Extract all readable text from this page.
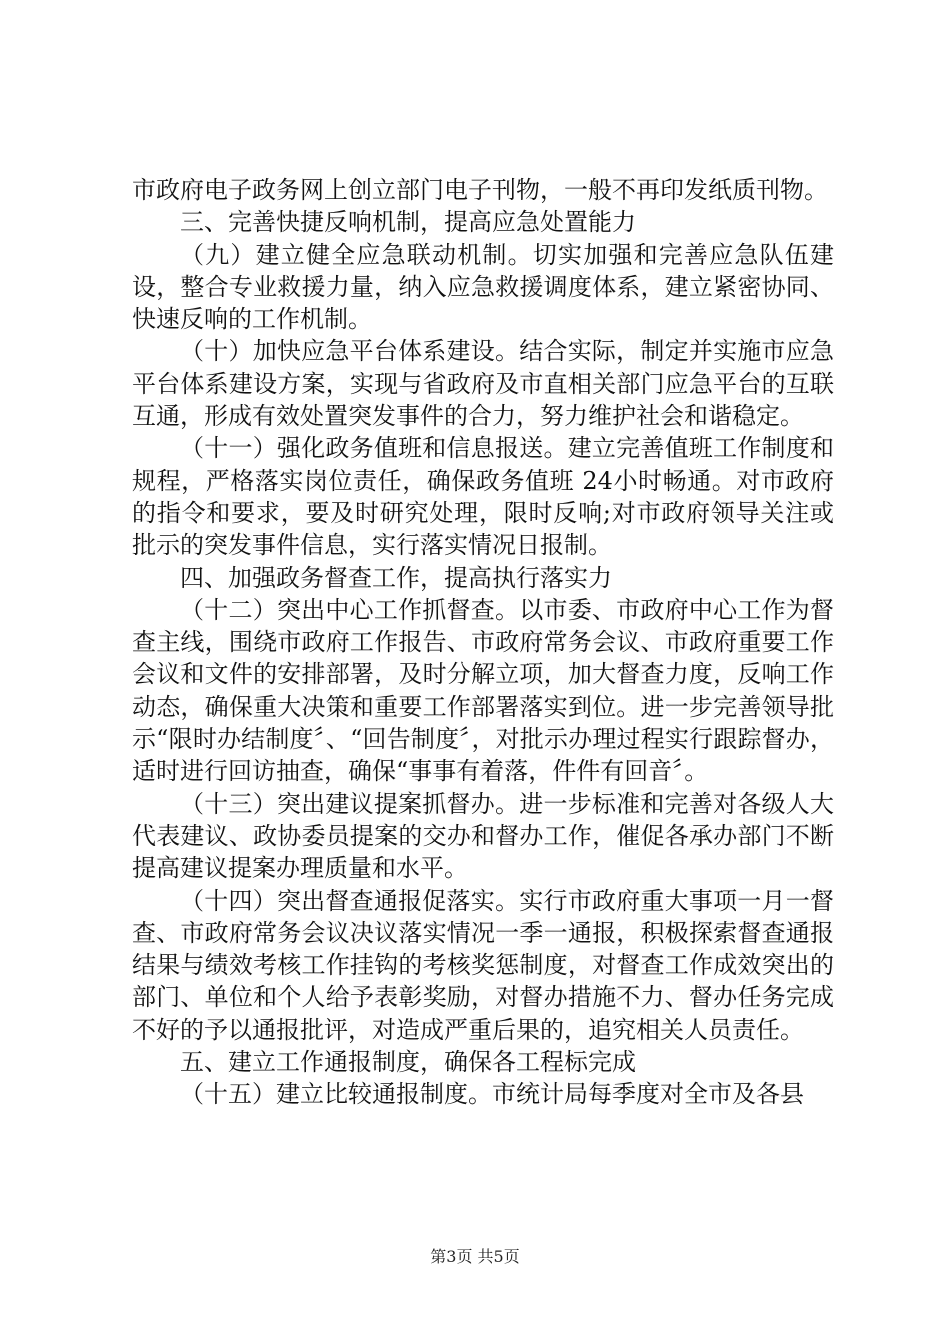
市政府电子政务网上创立部门电子刊物，一般不再印发纸质刊物。

三、完善快捷反响机制，提高应急处置能力

（九）建立健全应急联动机制。切实加强和完善应急队伍建设，整合专业救援力量，纳入应急救援调度体系，建立紧密协同、快速反响的工作机制。

（十）加快应急平台体系建设。结合实际，制定并实施市应急平台体系建设方案，实现与省政府及市直相关部门应急平台的互联互通，形成有效处置突发事件的合力，努力维护社会和谐稳定。

（十一）强化政务值班和信息报送。建立完善值班工作制度和规程，严格落实岗位责任，确保政务值班 24小时畅通。对市政府的指令和要求，要及时研究处理，限时反响;对市政府领导关注或批示的突发事件信息，实行落实情况日报制。

四、加强政务督查工作，提高执行落实力

（十二）突出中心工作抓督查。以市委、市政府中心工作为督查主线，围绕市政府工作报告、市政府常务会议、市政府重要工作会议和文件的安排部署，及时分解立项，加大督查力度，反响工作动态，确保重大决策和重要工作部署落实到位。进一步完善领导批示“限时办结制度〞、“回告制度〞，对批示办理过程实行跟踪督办，适时进行回访抽查，确保“事事有着落，件件有回音〞。

（十三）突出建议提案抓督办。进一步标准和完善对各级人大代表建议、政协委员提案的交办和督办工作，催促各承办部门不断提高建议提案办理质量和水平。

（十四）突出督查通报促落实。实行市政府重大事项一月一督查、市政府常务会议决议落实情况一季一通报，积极探索督查通报结果与绩效考核工作挂钩的考核奖惩制度，对督查工作成效突出的部门、单位和个人给予表彰奖励，对督办措施不力、督办任务完成不好的予以通报批评，对造成严重后果的，追究相关人员责任。

五、建立工作通报制度，确保各工程标完成

（十五）建立比较通报制度。市统计局每季度对全市及各县

第3页 共5页
